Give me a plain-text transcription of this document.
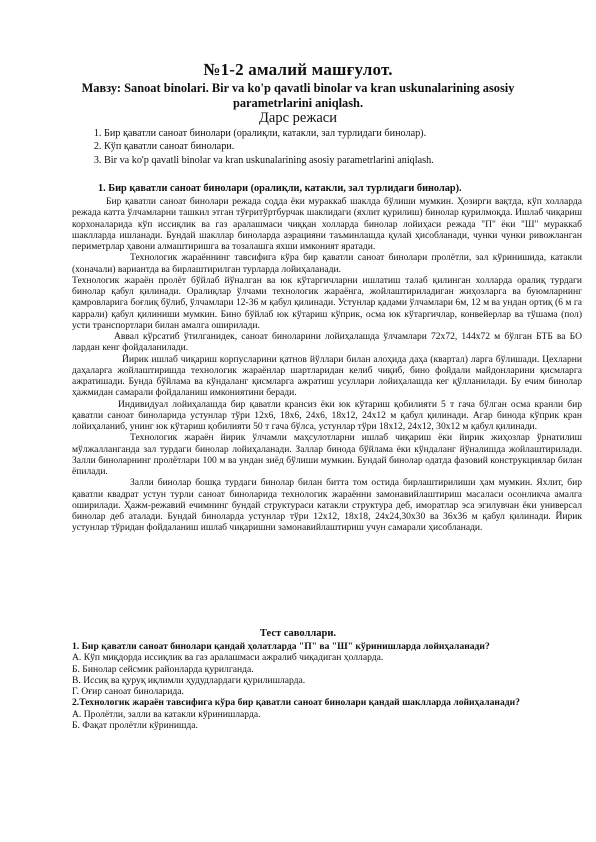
№1-2 амалий машғулот.
Мавзу: Sanoat binolari. Bir va ko'p qavatli binolar va kran uskunalarining asosiy parametrlarini aniqlash.
Дарс режаси
1. Бир қаватли саноат бинолари (оралиқли, катакли, зал турлидаги бинолар).
2. Кўп қаватли саноат бинолари.
3. Bir va ko'p qavatli binolar va kran uskunalarining asosiy parametrlarini aniqlash.
1. Бир қаватли саноат бинолари (оралиқли, катакли, зал турлидаги бинолар).

Бир қаватли саноат бинолари режада содда ёки мураккаб шаклда бўлиши мумкин. Ҳозирги вақтда, кўп холларда режада катта ўлчамларни ташкил этган тўғритўртбурчак шаклидаги (яхлит қурилиш) бинолар қурилмоқда. Ишлаб чиқариш корхоналарида кўп иссиқлик ва газ аралашмаси чиққан холларда бинолар лойиҳаси режада "П" ёки "Ш" мураккаб шаклларда ишланади. Бундай шакллар биноларда аэрацияни таъминлашда қулай ҳисобланади, чунки чунки ривожланган периметрлар ҳавони алмаштиришга ва тозалашга яхши имконият яратади.

Технологик жараённинг тавсифига кўра бир қаватли саноат бинолари пролётли, зал кўринишида, катакли (хоначали) вариантда ва бирлаштирилган турларда лойиҳаланади.

Технологик жараён пролёт бўйлаб йўналган ва юк кўтаргичларни ишлатиш талаб қилинган холларда оралиқ турдаги бинолар қабул қилинади. Оралиқлар ўлчами технологик жараёнга, жойлаштириладиган жиҳозларга ва буюмларнинг қамровларига боғлиқ бўлиб, ўлчамлари 12-36 м қабул қилинади. Устунлар қадами ўлчамлари 6м, 12 м ва ундан ортиқ (6 м га каррали) қабул қилиниши мумкин. Бино бўйлаб юк кўтариш кўприк, осма юк кўтаргичлар, конвейерлар ва тўшама (пол) усти транспортлари билан амалга оширилади.

Аввал кўрсатиб ўтилганидек, саноат биноларини лойиҳалашда ўлчамлари 72x72, 144x72 м бўлган БТБ ва БО лардан кенг фойдаланилади.

Йирик ишлаб чиқариш корпусларини қатнов йўллари билан алоҳида даҳа (квартал) ларга бўлишади. Цехларни даҳаларга жойлаштиришда технологик жараёнлар шартларидан келиб чиқиб, бино фойдали майдонларини қисмларга ажратишади. Бунда бўйлама ва кўндаланг қисмларга ажратиш усуллари лойиҳалашда кег қўлланилади. Бу ечим бинолар ҳажмидан самарали фойдаланиш имкониятини беради.

Индивидуал лойиҳалашда бир қаватли крансиз ёки юк кўтариш қобилияти 5 т гача бўлган осма кранли бир қаватли саноат биноларида устунлар тўри 12x6, 18x6, 24x6, 18x12, 24x12 м қабул қилинади. Агар бинода кўприк кран лойиҳаланиб, унинг юк кўтариш қобилияти 50 т гача бўлса, устунлар тўри 18x12, 24x12, 30x12 м қабул қилинади.

Технологик жараён йирик ўлчамли маҳсулотларни ишлаб чиқариш ёки йирик жиҳозлар ўрнатилиш мўлжалланганда зал турдаги бинолар лойиҳаланади. Заллар бинода бўйлама ёки кўндаланг йўналишда жойлаштирилади. Залли биноларнинг пролётлари 100 м ва ундан зиёд бўлиши мумкин. Бундай бинолар одатда фазовий конструкциялар билан ёпилади.

Залли бинолар бошқа турдаги бинолар билан битта том остида бирлаштирилиши ҳам мумкин. Яхлит, бир қаватли квадрат устун турли саноат биноларида технологик жараённи замонавийлаштириш масаласи осонликча амалга оширилади. Ҳажм-режавий ечимнинг бундай структураси катакли структура деб, иморатлар эса эгилувчан ёки универсал бинолар деб аталади. Бундай биноларда устунлар тўри 12x12, 18x18, 24x24,30x30 ва 36x36 м қабул қилинади. Йирик устунлар тўридан фойдаланиш ишлаб чиқаришни замонавийлаштириш учун самарали ҳисобланади.

Тест саволлари.

1. Бир қаватли саноат бинолари қандай ҳолатларда "П" ва "Ш" кўринишларда лойиҳаланади?

А. Кўп миқдорда иссиқлик ва газ аралашмаси ажралиб чиқадиган ҳолларда.

Б. Бинолар сейсмик районларда қурилганда.

В. Иссиқ ва қуруқ иқлимли ҳудудлардаги қурилишларда.

Г. Оғир саноат биноларида.

2.Технологик жараён тавсифига кўра бир қаватли саноат бинолари қандай шаклларда лойиҳаланади?

А. Пролётли, залли ва катакли кўринишларда.

Б. Фақат пролётли кўринишда.
